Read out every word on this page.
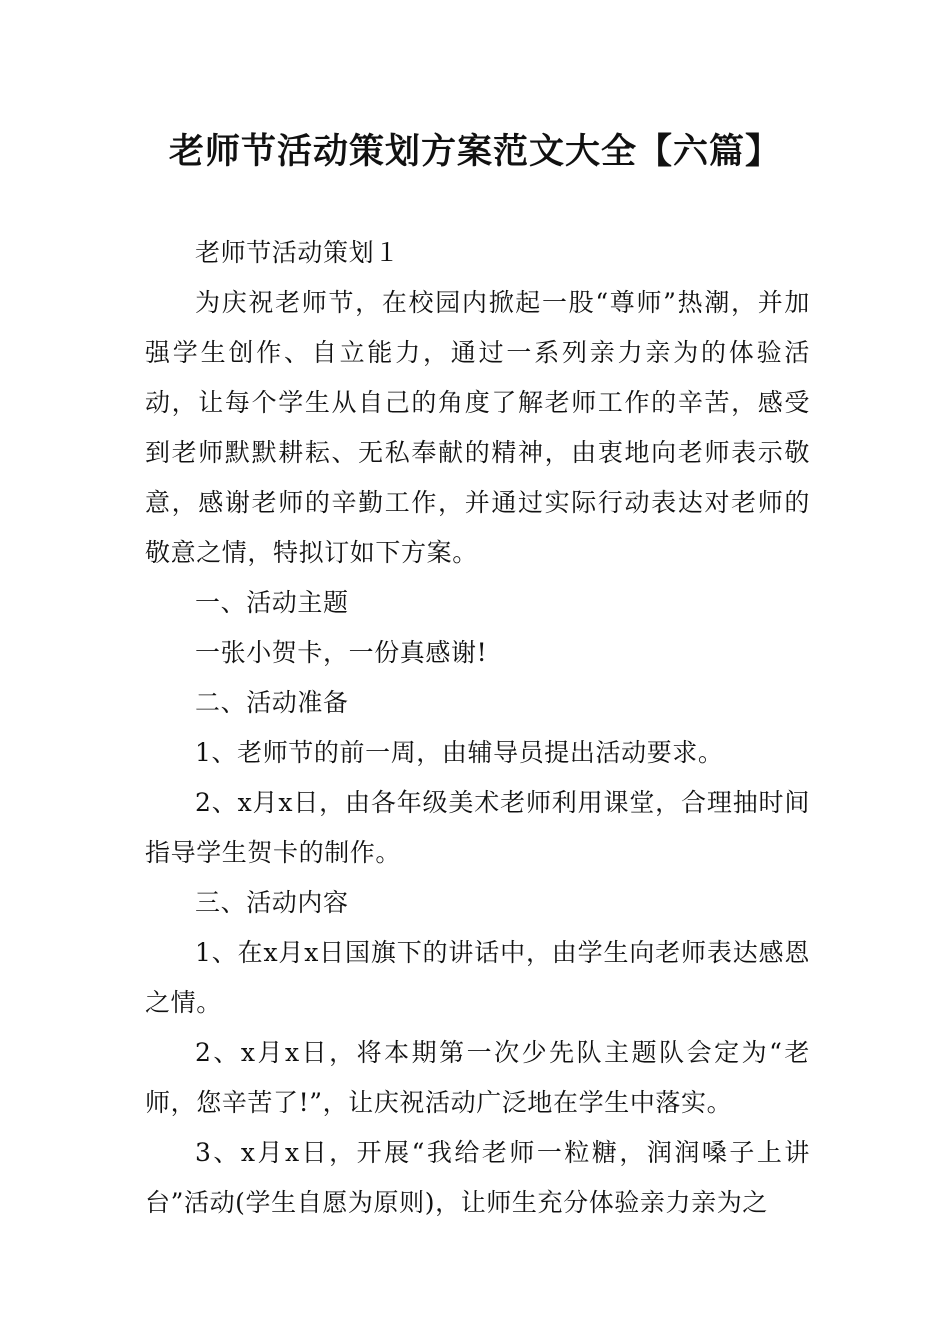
老师节活动策划方案范文大全【六篇】

老师节活动策划１

为庆祝老师节，在校园内掀起一股“尊师”热潮，并加强学生创作、自立能力，通过一系列亲力亲为的体验活动，让每个学生从自己的角度了解老师工作的辛苦，感受到老师默默耕耘、无私奉献的精神，由衷地向老师表示敬意，感谢老师的辛勤工作，并通过实际行动表达对老师的敬意之情，特拟订如下方案。

一、活动主题

一张小贺卡，一份真感谢!

二、活动准备

1、老师节的前一周，由辅导员提出活动要求。

2、x月x日，由各年级美术老师利用课堂，合理抽时间指导学生贺卡的制作。

三、活动内容

1、在x月x日国旗下的讲话中，由学生向老师表达感恩之情。

2、x月x日，将本期第一次少先队主题队会定为“老师，您辛苦了!”，让庆祝活动广泛地在学生中落实。

3、x月x日，开展“我给老师一粒糖，润润嗓子上讲台”活动(学生自愿为原则)，让师生充分体验亲力亲为之
